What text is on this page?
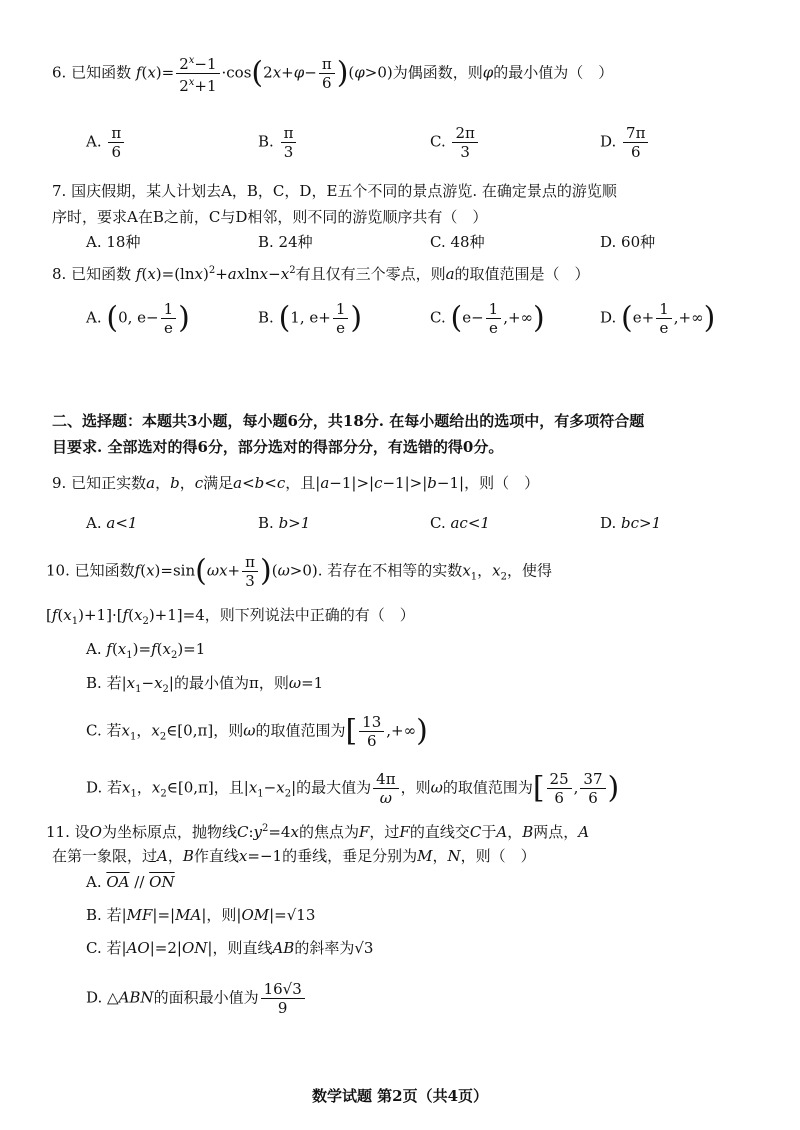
6. 已知函数 $f(x)= \frac{2^x-1}{2^x+1} \cdot\cos(2x+\varphi- \frac{\pi}{6} )(\varphi>0)$为偶函数，则φ的最小值为（　）
A. $\frac{\pi}{6}$	B. $\frac{\pi}{3}$	C. $\frac{2\pi}{3}$	D. $\frac{7\pi}{6}$
7. 国庆假期，某人计划去A，B，C，D，E五个不同的景点游览. 在确定景点的游览顺
序时，要求A在B之前，C与D相邻，则不同的游览顺序共有（　）
A. 18种	B. 24种	C. 48种	D. 60种
8. 已知函数 $f(x)=(\ln x)^2+axlnx-x^2$有且仅有三个零点，则a的取值范围是（　）
A. (0, $e- \frac{1}{e}$ )	B. (1, $e+ \frac{1}{e}$ )	C. ($e- \frac{1}{e}$ ,+∞)	D. ($e+ \frac{1}{e}$ ,+∞)
二、选择题：本题共3小题，每小题6分，共18分. 在每小题给出的选项中，有多项符合题
目要求. 全部选对的得6分，部分选对的得部分分，有选错的得0分。
9. 已知正实数a，b，c满足a<b<c，且|a−1|>|c−1|>|b−1|，则（　）
A. a<1	B. b>1	C. ac<1	D. bc>1
10. 已知函数$f(x)=\sin(\omega x+ \frac{\pi}{3} )(\omega>0)$. 若存在不相等的实数$x_1$，$x_2$，使得
$[f(x_1)+1]\cdot[f(x_2)+1]=4$，则下列说法中正确的有（　）
A. $f(x_1)=f(x_2)=1$
B. 若$|x_1-x_2|$的最小值为π，则ω=1
C. 若$x_1$，$x_2\in[0,\pi]$，则ω的取值范围为[ $\frac{13}{6}$ ,+∞)
D. 若$x_1$，$x_2\in[0,\pi]$，且$|x_1-x_2|$的最大值为 $\frac{4\pi}{\omega}$ ，则ω的取值范围为[ $\frac{25}{6}$ , $\frac{37}{6}$ )
11. 设O为坐标原点，抛物线$C:y^2=4x$的焦点为F，过F的直线交C于A，B两点，A
在第一象限，过A，B作直线x=−1的垂线，垂足分别为M，N，则（　）
A. $\overline{OA} // \overline{ON}$
B. 若|MF|=|MA|，则|OM|=√13
C. 若|AO|=2|ON|，则直线AB的斜率为√3
D. △ABN的面积最小值为 $\frac{16√3}{9}$
数学试题 第2页（共4页）
